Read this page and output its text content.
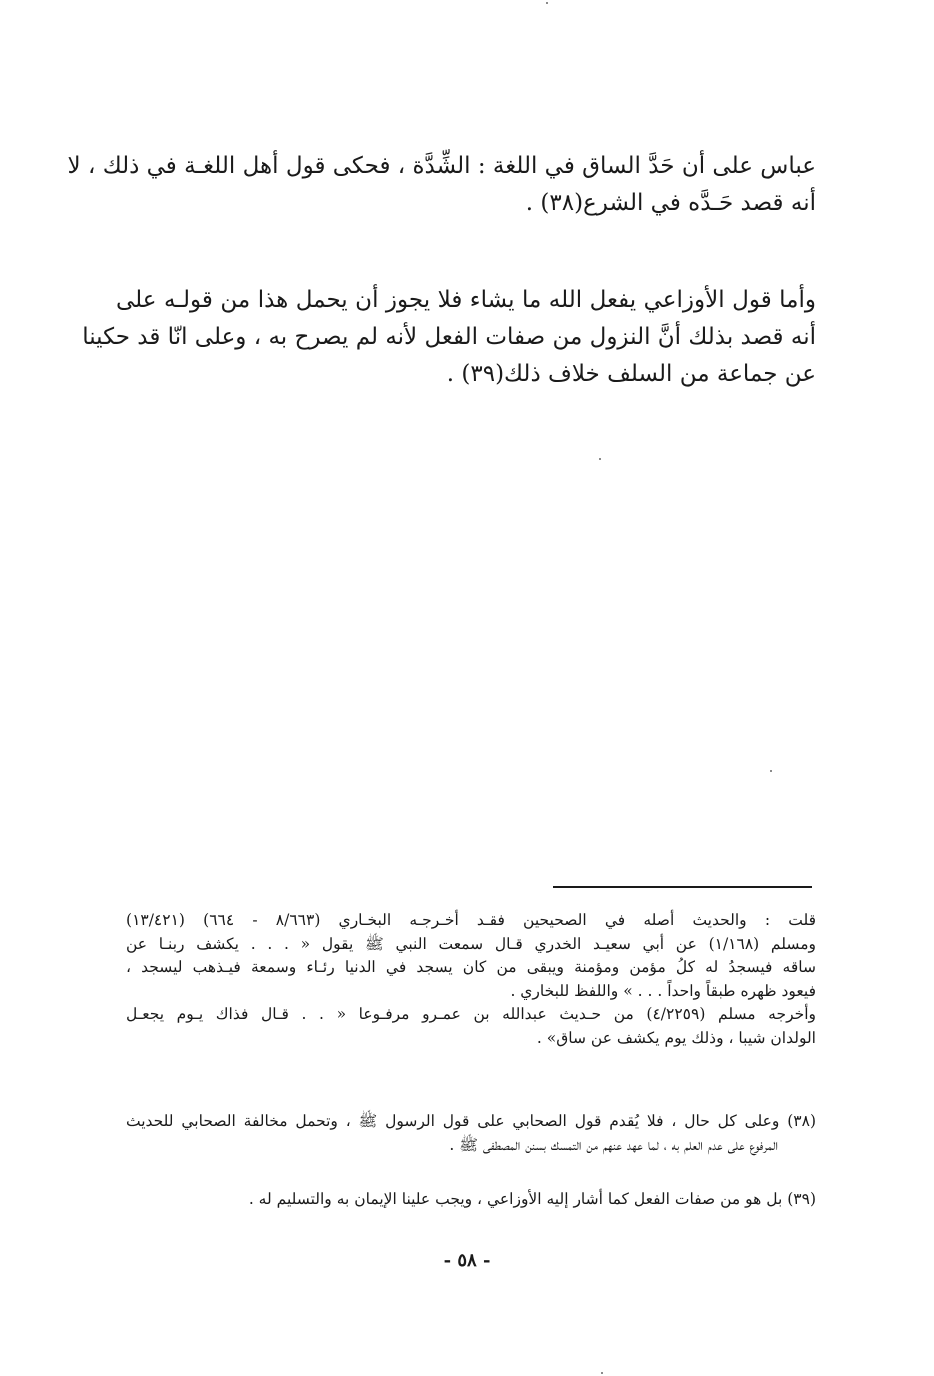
عباس على أن حَدَّ الساق في اللغة : الشِّدَّة ، فحكى قول أهل اللغـة في ذلك ، لا
أنه قصد حَـدَّه في الشرع(٣٨) .
وأما قول الأوزاعي يفعل الله ما يشاء فلا يجوز أن يحمل هذا من قولـه على
أنه قصد بذلك أنَّ النزول من صفات الفعل لأنه لم يصرح به ، وعلى انّا قد حكينا
عن جماعة من السلف خلاف ذلك(٣٩) .
قلت : والحديث أصله في الصحيحين فقـد أخـرجـه البخـاري (٨/٦٦٣ - ٦٦٤) (١٣/٤٢١)
ومسلم (١/١٦٨) عن أبي سعيـد الخدري قـال سمعت النبي ﷺ يقول « . . . يكشف ربنـا عن
ساقه فيسجدُ له كلُ مؤمن ومؤمنة ويبقى من كان يسجد في الدنيا رئـاء وسمعة فيـذهب ليسجد ،
فيعود ظهره طبقاً واحداً . . . » واللفظ للبخاري .
وأخرجه مسلم (٤/٢٢٥٩) من حـديث عبدالله بن عمـرو مرفـوعا « . . قـال فذاك يـوم يجعـل
الولدان شيبا ، وذلك يوم يكشف عن ساق» .
(٣٨) وعلى كل حال ، فلا يُقدم قول الصحابي على قول الرسول ﷺ ، وتحمل مخالفة الصحابي للحديث
المرفوع على عدم العلم به ، لما عهد عنهم من التمسك بسنن المصطفى ﷺ .
(٣٩) بل هو من صفات الفعل كما أشار إليه الأوزاعي ، ويجب علينا الإيمان به والتسليم له .
- ٥٨ -
